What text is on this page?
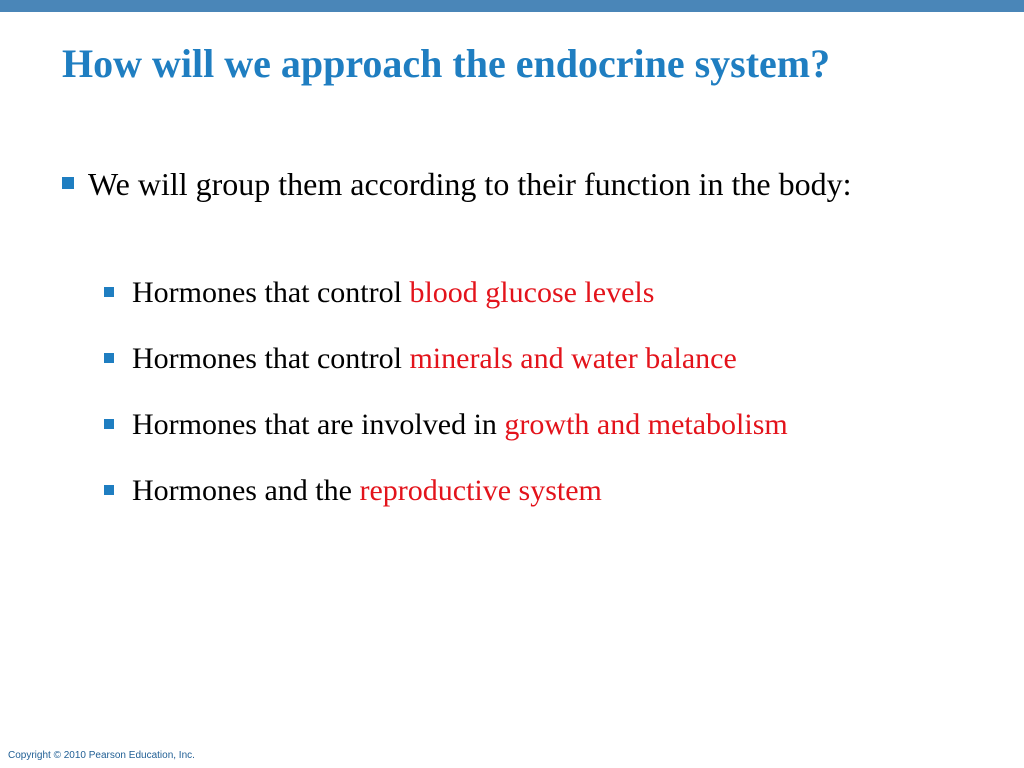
How will we approach the endocrine system?
We will group them according to their function in the body:
Hormones that control blood glucose levels
Hormones that control minerals and water balance
Hormones that are involved in growth and metabolism
Hormones and the reproductive system
Copyright © 2010 Pearson Education, Inc.
